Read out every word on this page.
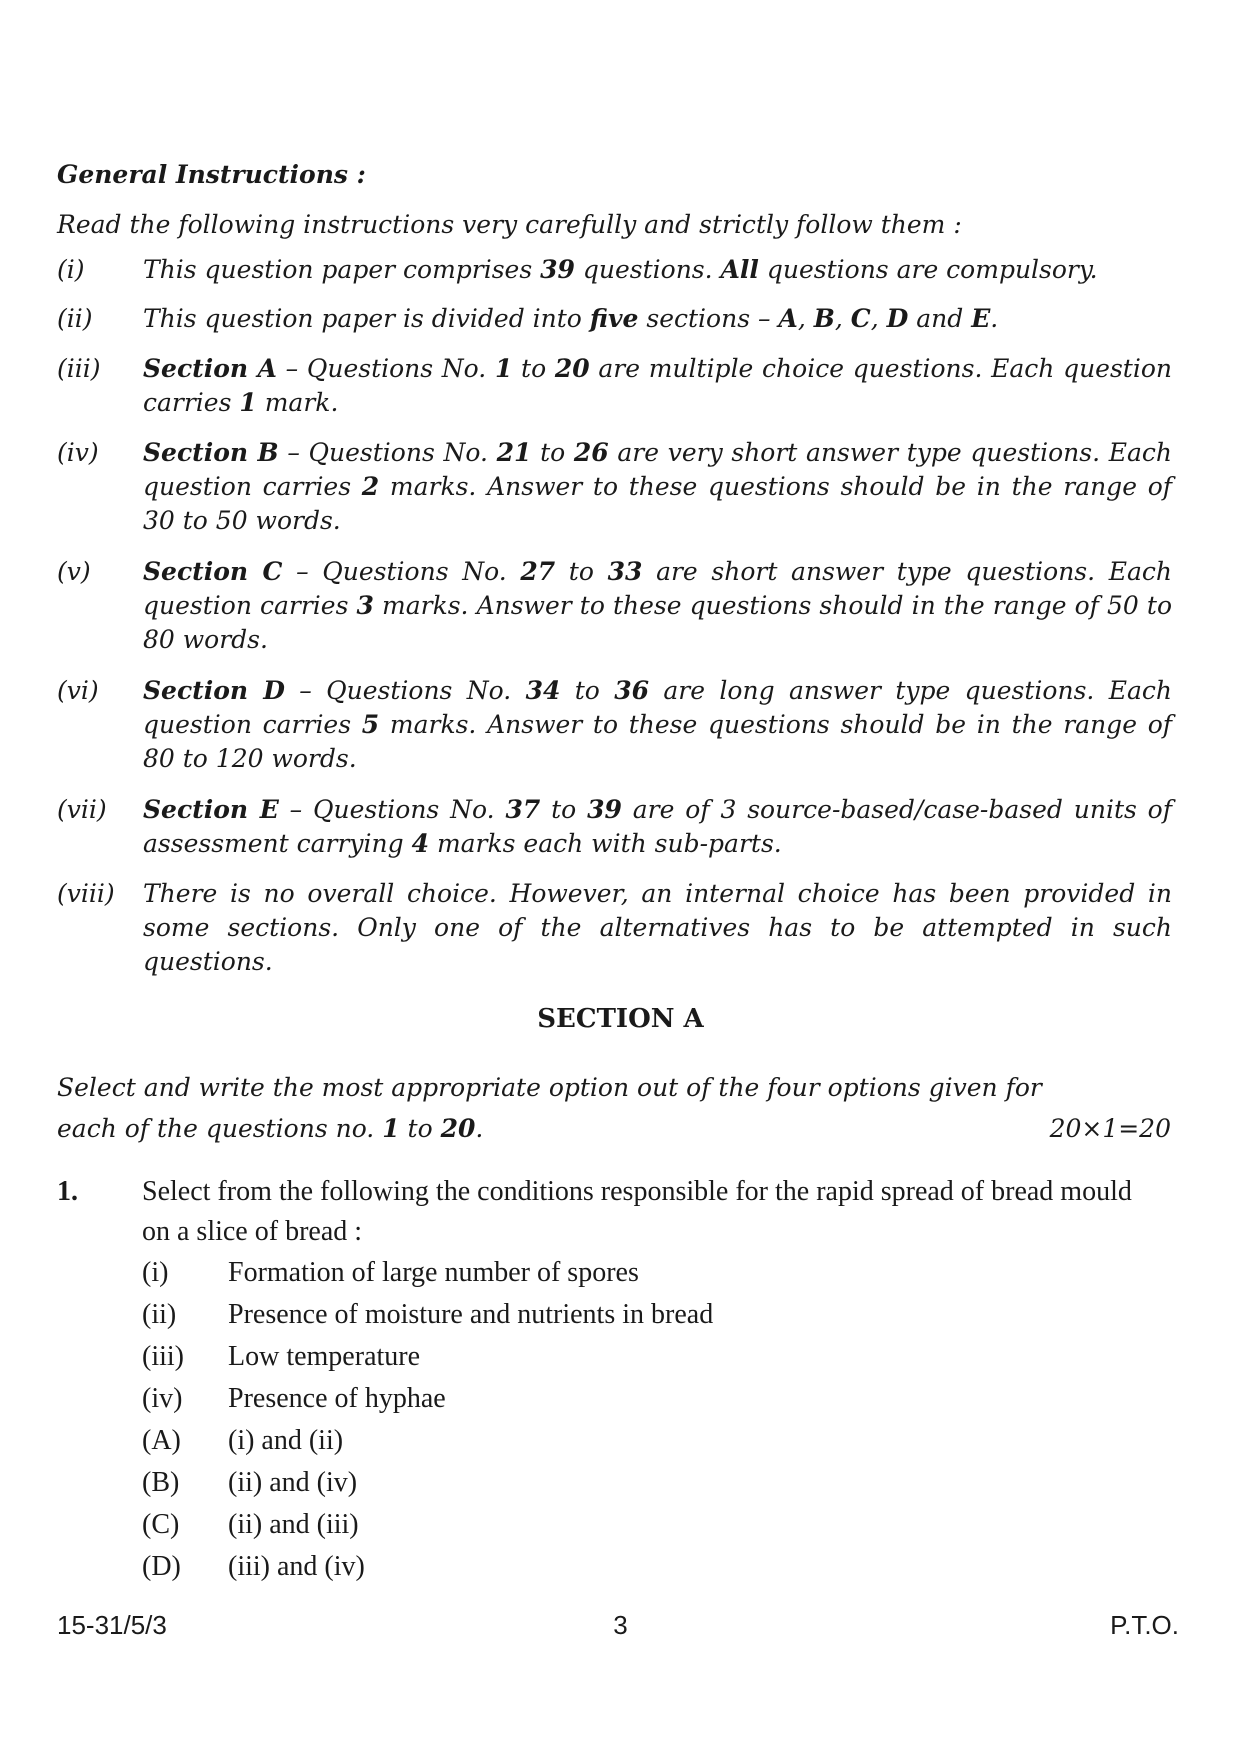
General Instructions :
Read the following instructions very carefully and strictly follow them :
(i) This question paper comprises 39 questions. All questions are compulsory.
(ii) This question paper is divided into five sections – A, B, C, D and E.
(iii) Section A – Questions No. 1 to 20 are multiple choice questions. Each question carries 1 mark.
(iv) Section B – Questions No. 21 to 26 are very short answer type questions. Each question carries 2 marks. Answer to these questions should be in the range of 30 to 50 words.
(v) Section C – Questions No. 27 to 33 are short answer type questions. Each question carries 3 marks. Answer to these questions should in the range of 50 to 80 words.
(vi) Section D – Questions No. 34 to 36 are long answer type questions. Each question carries 5 marks. Answer to these questions should be in the range of 80 to 120 words.
(vii) Section E – Questions No. 37 to 39 are of 3 source-based/case-based units of assessment carrying 4 marks each with sub-parts.
(viii) There is no overall choice. However, an internal choice has been provided in some sections. Only one of the alternatives has to be attempted in such questions.
SECTION A
Select and write the most appropriate option out of the four options given for
each of the questions no. 1 to 20.	20×1=20
1. Select from the following the conditions responsible for the rapid spread of bread mould on a slice of bread :
(i) Formation of large number of spores
(ii) Presence of moisture and nutrients in bread
(iii) Low temperature
(iv) Presence of hyphae
(A) (i) and (ii)
(B) (ii) and (iv)
(C) (ii) and (iii)
(D) (iii) and (iv)
15-31/5/3	3	P.T.O.
